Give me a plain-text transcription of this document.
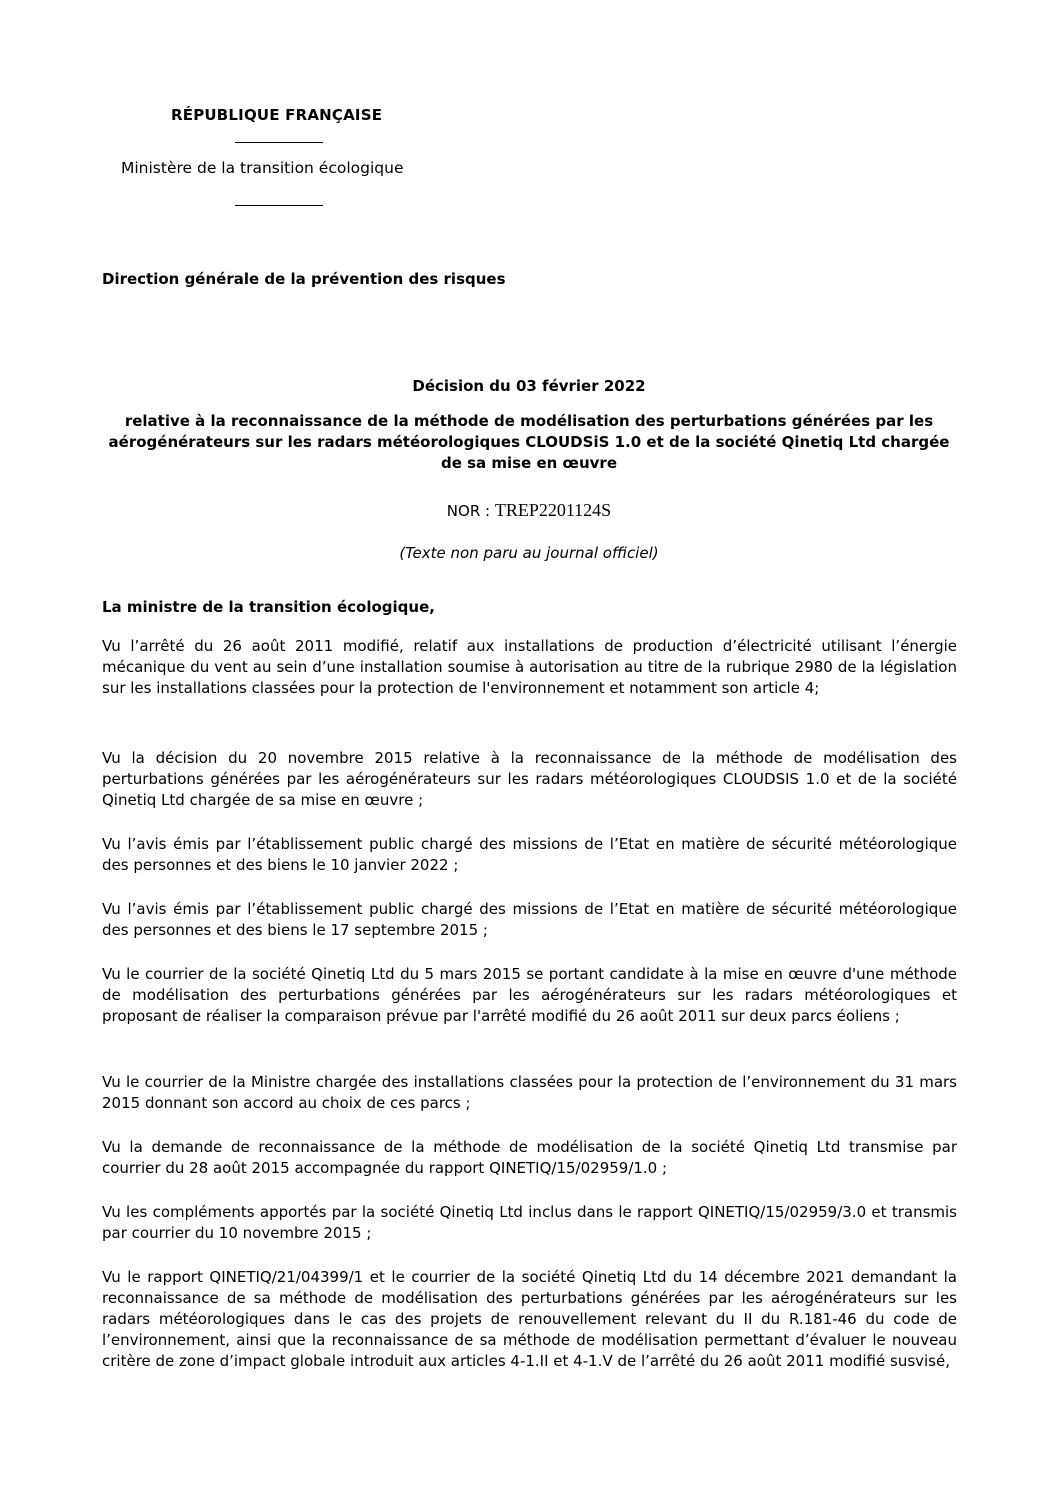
RÉPUBLIQUE FRANÇAISE
Ministère de la transition écologique
Direction générale de la prévention des risques
Décision du 03 février 2022
relative à la reconnaissance de la méthode de modélisation des perturbations générées par les aérogénérateurs sur les radars météorologiques CLOUDSiS 1.0 et de la société Qinetiq Ltd chargée de sa mise en œuvre
NOR : TREP2201124S
(Texte non paru au journal officiel)
La ministre de la transition écologique,

Vu l’arrêté du 26 août 2011 modifié, relatif aux installations de production d’électricité utilisant l’énergie mécanique du vent au sein d’une installation soumise à autorisation au titre de la rubrique 2980 de la législation sur les installations classées pour la protection de l'environnement et notamment son article 4;

Vu la décision du 20 novembre 2015 relative à la reconnaissance de la méthode de modélisation des perturbations générées par les aérogénérateurs sur les radars météorologiques CLOUDSIS 1.0 et de la société Qinetiq Ltd chargée de sa mise en œuvre ;

Vu l’avis émis par l’établissement public chargé des missions de l’Etat en matière de sécurité météorologique des personnes et des biens le 10 janvier 2022 ;

Vu l’avis émis par l’établissement public chargé des missions de l’Etat en matière de sécurité météorologique des personnes et des biens le 17 septembre 2015 ;

Vu le courrier de la société Qinetiq Ltd du 5 mars 2015 se portant candidate à la mise en œuvre d'une méthode de modélisation des perturbations générées par les aérogénérateurs sur les radars météorologiques et proposant de réaliser la comparaison prévue par l'arrêté modifié du 26 août 2011 sur deux parcs éoliens ;

Vu le courrier de la Ministre chargée des installations classées pour la protection de l’environnement du 31 mars 2015 donnant son accord au choix de ces parcs ;

Vu la demande de reconnaissance de la méthode de modélisation de la société Qinetiq Ltd transmise par courrier du 28 août 2015 accompagnée du rapport QINETIQ/15/02959/1.0 ;

Vu les compléments apportés par la société Qinetiq Ltd inclus dans le rapport QINETIQ/15/02959/3.0 et transmis par courrier du 10 novembre 2015 ;

Vu le rapport QINETIQ/21/04399/1 et le courrier de la société Qinetiq Ltd du 14 décembre 2021 demandant la reconnaissance de sa méthode de modélisation des perturbations générées par les aérogénérateurs sur les radars météorologiques dans le cas des projets de renouvellement relevant du II du R.181-46 du code de l’environnement, ainsi que la reconnaissance de sa méthode de modélisation permettant d’évaluer le nouveau critère de zone d’impact globale introduit aux articles 4-1.II et 4-1.V de l’arrêté du 26 août 2011 modifié susvisé,
